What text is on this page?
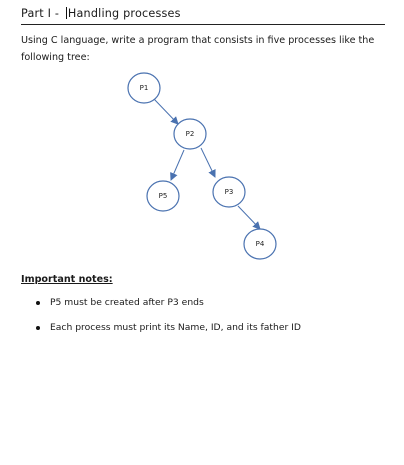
Part I - Handling processes
Using C language, write a program that consists in five processes like the following tree:
P1
P2
P5	P3
P4
Important notes:
P5 must be created after P3 ends
Each process must print its Name, ID, and its father ID
